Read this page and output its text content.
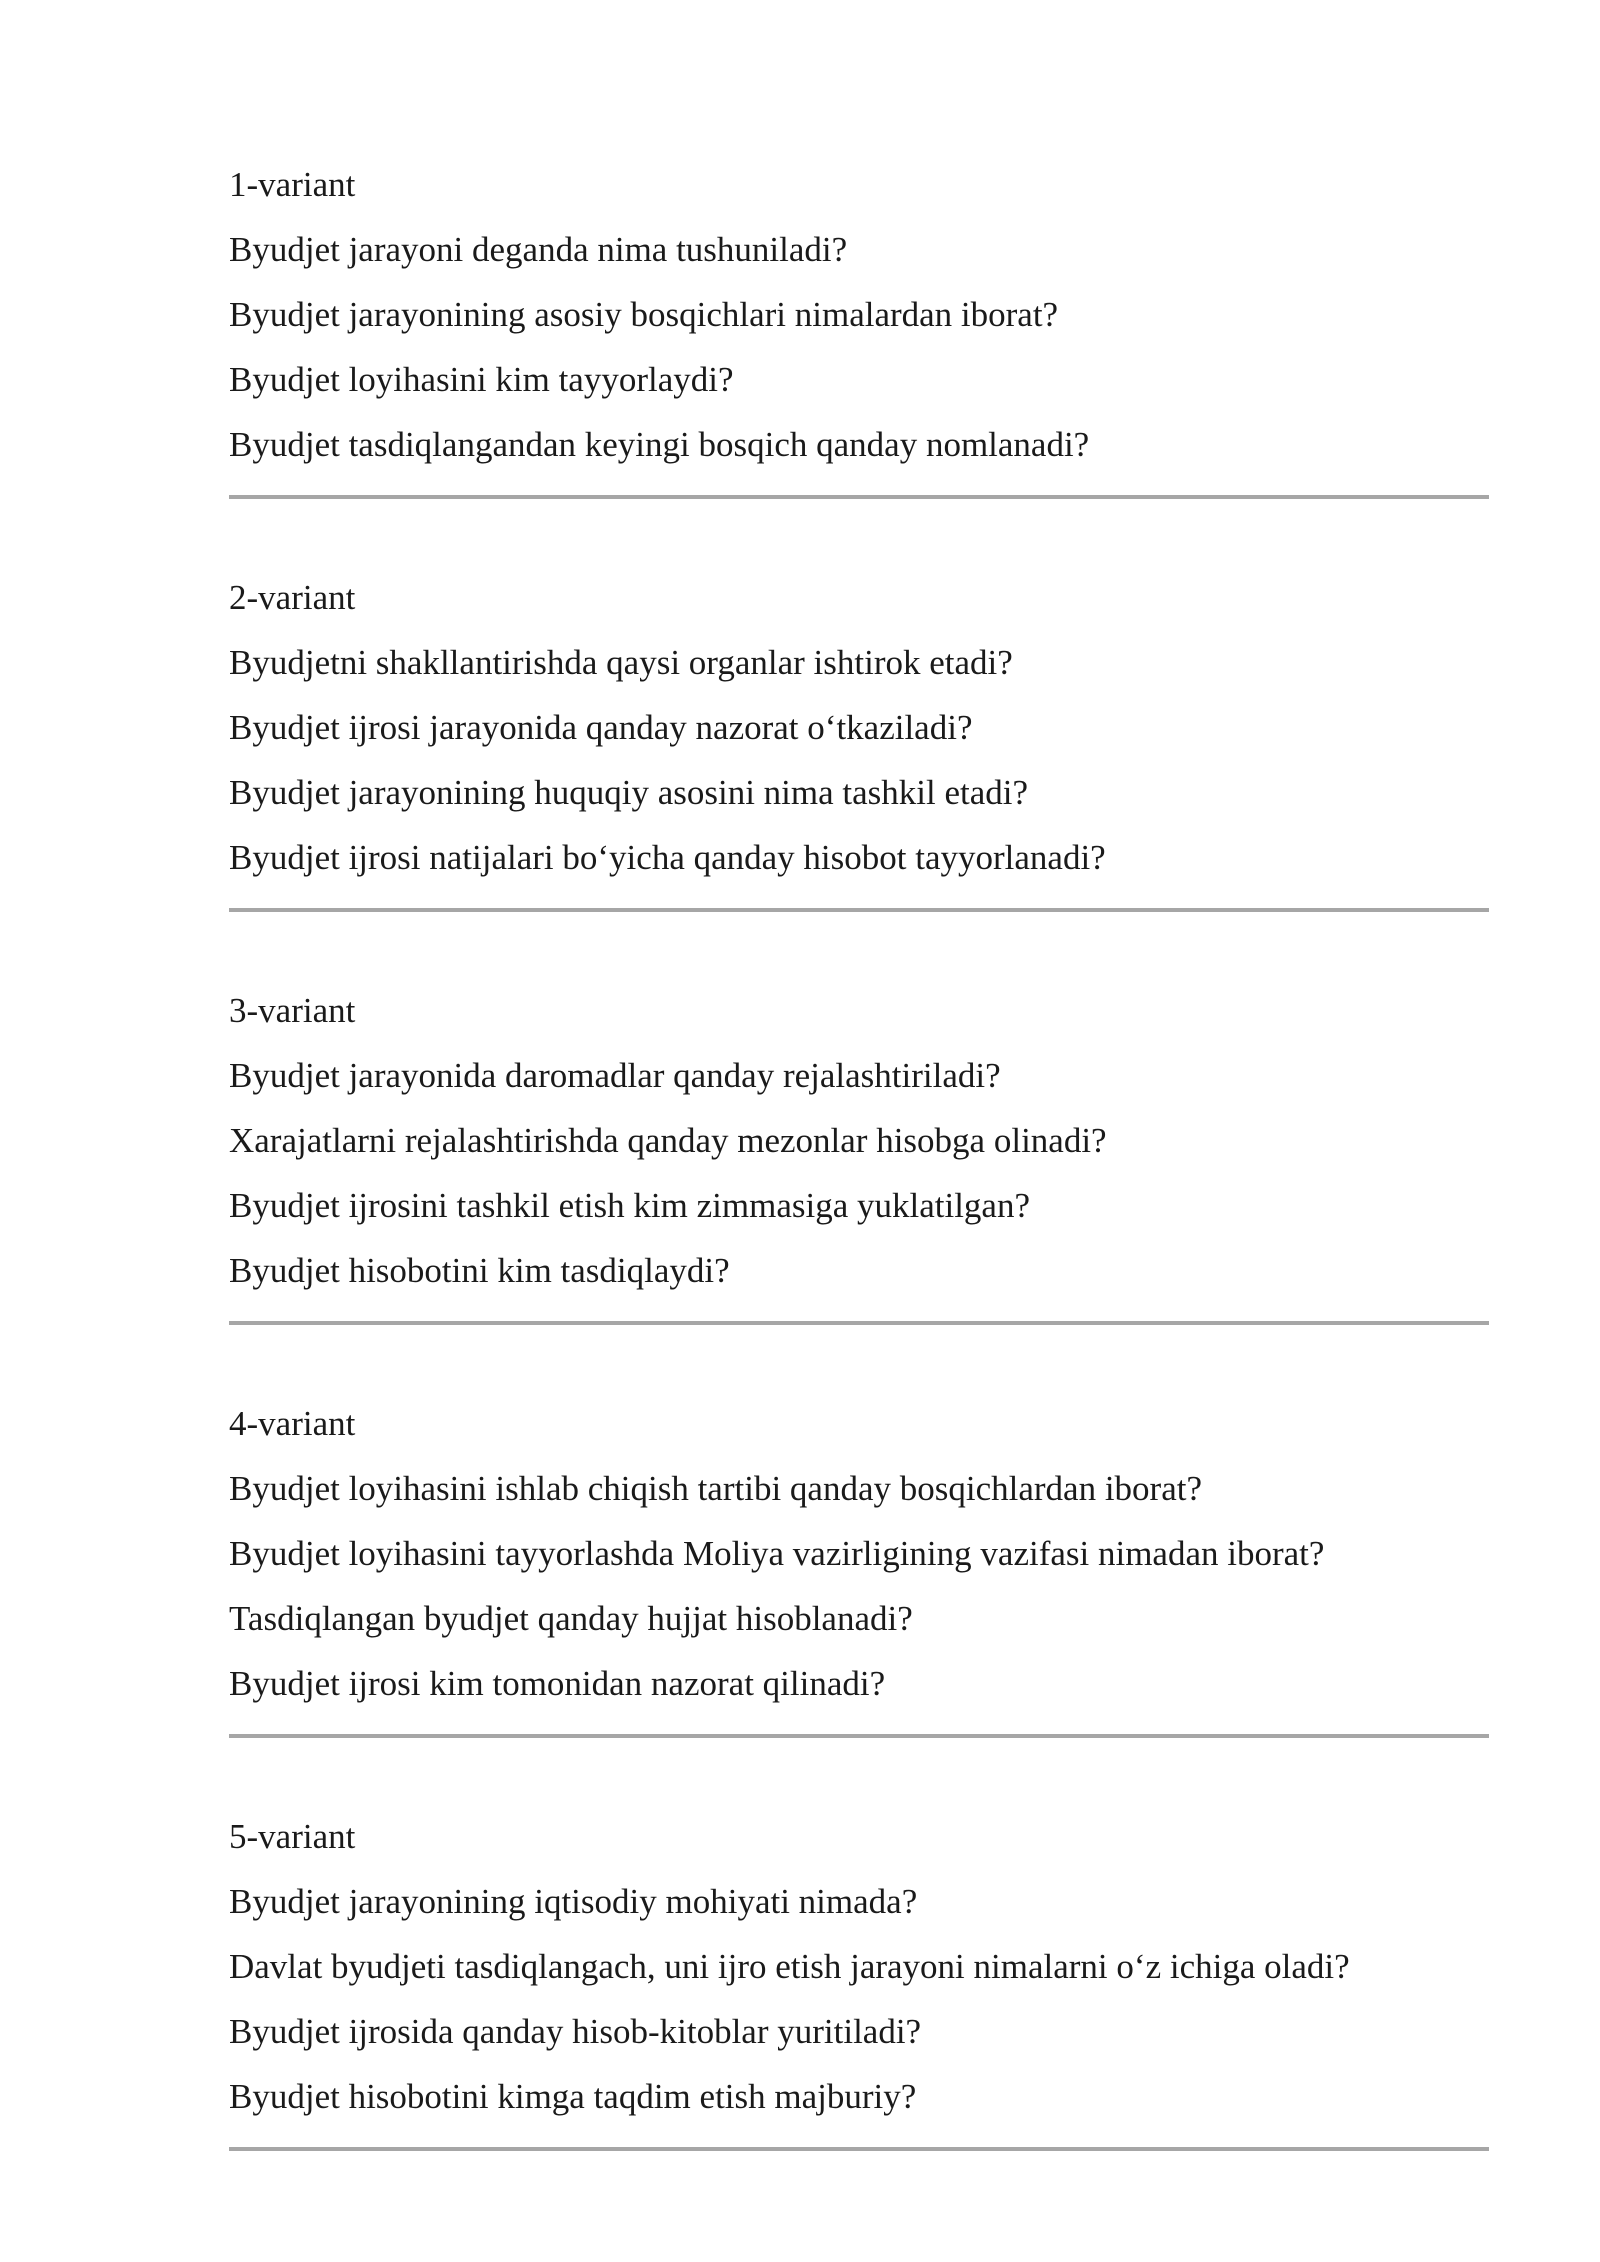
1-variant

Byudjet jarayoni deganda nima tushuniladi?
Byudjet jarayonining asosiy bosqichlari nimalardan iborat?
Byudjet loyihasini kim tayyorlaydi?
Byudjet tasdiqlangandan keyingi bosqich qanday nomlanadi?

2-variant

Byudjetni shakllantirishda qaysi organlar ishtirok etadi?
Byudjet ijrosi jarayonida qanday nazorat o‘tkaziladi?
Byudjet jarayonining huquqiy asosini nima tashkil etadi?
Byudjet ijrosi natijalari bo‘yicha qanday hisobot tayyorlanadi?

3-variant

Byudjet jarayonida daromadlar qanday rejalashtiriladi?
Xarajatlarni rejalashtirishda qanday mezonlar hisobga olinadi?
Byudjet ijrosini tashkil etish kim zimmasiga yuklatilgan?
Byudjet hisobotini kim tasdiqlaydi?

4-variant

Byudjet loyihasini ishlab chiqish tartibi qanday bosqichlardan iborat?
Byudjet loyihasini tayyorlashda Moliya vazirligining vazifasi nimadan iborat?
Tasdiqlangan byudjet qanday hujjat hisoblanadi?
Byudjet ijrosi kim tomonidan nazorat qilinadi?

5-variant

Byudjet jarayonining iqtisodiy mohiyati nimada?
Davlat byudjeti tasdiqlangach, uni ijro etish jarayoni nimalarni o‘z ichiga oladi?
Byudjet ijrosida qanday hisob-kitoblar yuritiladi?
Byudjet hisobotini kimga taqdim etish majburiy?
